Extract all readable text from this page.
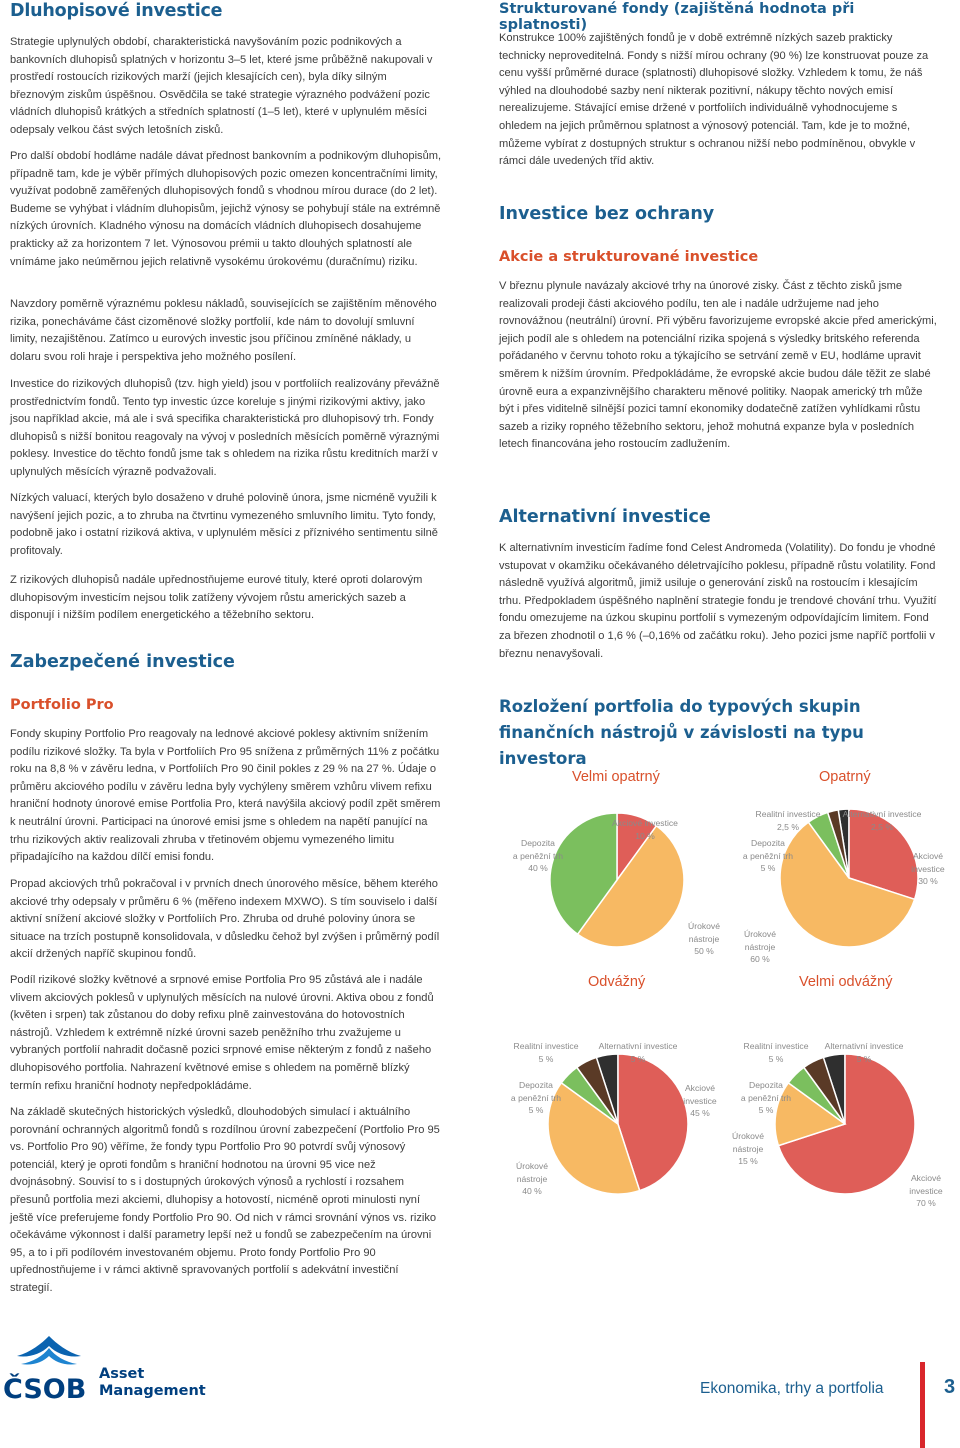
Dluhopisové investice

Strategie uplynulých období, charakteristická navyšováním pozic podnikových a bankovních dluhopisů splatných v horizontu 3–5 let, které jsme průběžně nakupovali v prostředí rostoucích rizikových marží (jejich klesajících cen), byla díky silným březnovým ziskům úspěšnou. Osvědčila se také strategie výrazného podvážení pozic vládních dluhopisů krátkých a středních splatností (1–5 let), které v uplynulém měsíci odepsaly velkou část svých letošních zisků.

Pro další období hodláme nadále dávat přednost bankovním a podnikovým dluhopisům, případně tam, kde je výběr přímých dluhopisových pozic omezen koncentračními limity, využívat podobně zaměřených dluhopisových fondů s vhodnou mírou durace (do 2 let). Budeme se vyhýbat i vládním dluhopisům, jejichž výnosy se pohybují stále na extrémně nízkých úrovních. Kladného výnosu na domácích vládních dluhopisech dosahujeme prakticky až za horizontem 7 let. Výnosovou prémii u takto dlouhých splatností ale vnímáme jako neúměrnou jejich relativně vysokému úrokovému (duračnímu) riziku.

Navzdory poměrně výraznému poklesu nákladů, souvisejících se zajištěním měnového rizika, ponecháváme část cizoměnové složky portfolií, kde nám to dovolují smluvní limity, nezajištěnou. Zatímco u eurových investic jsou příčinou zmíněné náklady, u dolaru svou roli hraje i perspektiva jeho možného posílení.

Investice do rizikových dluhopisů (tzv. high yield) jsou v portfoliích realizovány převážně prostřednictvím fondů. Tento typ investic úzce koreluje s jinými rizikovými aktivy, jako jsou například akcie, má ale i svá specifika charakteristická pro dluhopisový trh. Fondy dluhopisů s nižší bonitou reagovaly na vývoj v posledních měsících poměrně výraznými poklesy. Investice do těchto fondů jsme tak s ohledem na rizika růstu kreditních marží v uplynulých měsících výrazně podvažovali.

Nízkých valuací, kterých bylo dosaženo v druhé polovině února, jsme nicméně využili k navýšení jejich pozic, a to zhruba na čtvrtinu vymezeného smluvního limitu. Tyto fondy, podobně jako i ostatní riziková aktiva, v uplynulém měsíci z příznivého sentimentu silně profitovaly.

Z rizikových dluhopisů nadále upřednostňujeme eurové tituly, které oproti dolarovým dluhopisovým investicím nejsou tolik zatíženy vývojem růstu amerických sazeb a disponují i nižším podílem energetického a těžebního sektoru.

Zabezpečené investice
Portfolio Pro

Fondy skupiny Portfolio Pro reagovaly na lednové akciové poklesy aktivním snížením podílu rizikové složky. Ta byla v Portfoliích Pro 95 snížena z průměrných 11% z počátku roku na 8,8 % v závěru ledna, v Portfoliích Pro 90 činil pokles z 29 % na 27 %. Údaje o průměru akciového podílu v závěru ledna byly vychýleny směrem vzhůru vlivem refixu hraniční hodnoty únorové emise Portfolia Pro, která navýšila akciový podíl zpět směrem k neutrální úrovni. Participaci na únorové emisi jsme s ohledem na napětí panující na trhu rizikových aktiv realizovali zhruba v třetinovém objemu vymezeného limitu připadajícího na každou dílčí emisi fondu.

Propad akciových trhů pokračoval i v prvních dnech únorového měsíce, během kterého akciové trhy odepsaly v průměru 6 % (měřeno indexem MXWO). S tím souviselo i další aktivní snížení akciové složky v Portfoliích Pro. Zhruba od druhé poloviny února se situace na trzích postupně konsolidovala, v důsledku čehož byl zvýšen i průměrný podíl akcií držených napříč skupinou fondů.

Podíl rizikové složky květnové a srpnové emise Portfolia Pro 95 zůstává ale i nadále vlivem akciových poklesů v uplynulých měsících na nulové úrovni. Aktiva obou z fondů (květen i srpen) tak zůstanou do doby refixu plně zainvestována do hotovostních nástrojů. Vzhledem k extrémně nízké úrovni sazeb peněžního trhu zvažujeme u vybraných portfolií nahradit dočasně pozici srpnové emise některým z fondů z našeho dluhopisového portfolia. Nahrazení květnové emise s ohledem na poměrně blízký termín refixu hraniční hodnoty nepředpokládáme.

Na základě skutečných historických výsledků, dlouhodobých simulací i aktuálního porovnání ochranných algoritmů fondů s rozdílnou úrovní zabezpečení (Portfolio Pro 95 vs. Portfolio Pro 90) věříme, že fondy typu Portfolio Pro 90 potvrdí svůj výnosový potenciál, který je oproti fondům s hraniční hodnotou na úrovni 95 vice než dvojnásobný. Souvisí to s i dostupných úrokových výnosů a rychlostí i rozsahem přesunů portfolia mezi akciemi, dluhopisy a hotovostí, nicméně oproti minulosti nyní ještě více preferujeme fondy Portfolio Pro 90. Od nich v rámci srovnání výnos vs. riziko očekáváme výkonnost i další parametry lepší než u fondů se zabezpečením na úrovni 95, a to i při podílovém investovaném objemu. Proto fondy Portfolio Pro 90 upřednostňujeme i v rámci aktivně spravovaných portfolií s adekvátní investiční strategií.

Strukturované fondy (zajištěná hodnota při splatnosti)

Konstrukce 100% zajištěných fondů je v době extrémně nízkých sazeb prakticky technicky neproveditelná. Fondy s nižší mírou ochrany (90 %) lze konstruovat pouze za cenu vyšší průměrné durace (splatnosti) dluhopisové složky. Vzhledem k tomu, že náš výhled na dlouhodobé sazby není nikterak pozitivní, nákupy těchto nových emisí nerealizujeme. Stávající emise držené v portfoliích individuálně vyhodnocujeme s ohledem na jejich průměrnou splatnost a výnosový potenciál. Tam, kde je to možné, můžeme vybírat z dostupných struktur s ochranou nižší nebo podmíněnou, obvykle v rámci dále uvedených tříd aktiv.

Investice bez ochrany
Akcie a strukturované investice

V březnu plynule navázaly akciové trhy na únorové zisky. Část z těchto zisků jsme realizovali prodeji části akciového podílu, ten ale i nadále udržujeme nad jeho rovnovážnou (neutrální) úrovní. Při výběru favorizujeme evropské akcie před americkými, jejich podíl ale s ohledem na potenciální rizika spojená s výsledky britského referenda pořádaného v červnu tohoto roku a týkajícího se setrvání země v EU, hodláme upravit směrem k nižším úrovním. Předpokládáme, že evropské akcie budou dále těžit ze slabé úrovně eura a expanzivnějšího charakteru měnové politiky. Naopak americký trh může být i přes viditelně silnější pozici tamní ekonomiky dodatečně zatížen vyhlídkami růstu sazeb a riziky ropného těžebního sektoru, jehož mohutná expanze byla v posledních letech financována jeho rostoucím zadlužením.

Alternativní investice

K alternativním investicím řadíme fond Celest Andromeda (Volatility). Do fondu je vhodné vstupovat v okamžiku očekávaného déletrvajícího poklesu, případně růstu volatility. Fond následně využívá algoritmů, jimiž usiluje o generování zisků na rostoucím i klesajícím trhu. Předpokladem úspěšného naplnění strategie fondu je trendové chování trhu. Využití fondu omezujeme na úzkou skupinu portfolií s vymezeným odpovídajícím limitem. Fond za březen zhodnotil o 1,6 % (–0,16% od začátku roku). Jeho pozici jsme napříč portfolii v březnu nenavyšovali.

Rozložení portfolia do typových skupin finančních nástrojů v závislosti na typu investora
Velmi opatrný	Opatrný
Odvážný	Velmi odvážný
Akciové investice
10 %
Úrokové
nástroje
50 %
Depozita
a peněžní trh
40 %
Alternativní investice
2,5 %
Akciové
investice
30 %
Úrokové
nástroje
60 %
Depozita
a peněžní trh
5 %
Realitní investice
2,5 %
Alternativní investice
5 %
Akciové
investice
45 %
Úrokové
nástroje
40 %
Depozita
a peněžní trh
5 %
Realitní investice
5 %
Alternativní investice
5 %
Akciové
investice
70 %
Úrokové
nástroje
15 %
Depozita
a peněžní trh
5 %
Realitní investice
5 %
ČSOB Asset
Management	Ekonomika, trhy a portfolia	3
